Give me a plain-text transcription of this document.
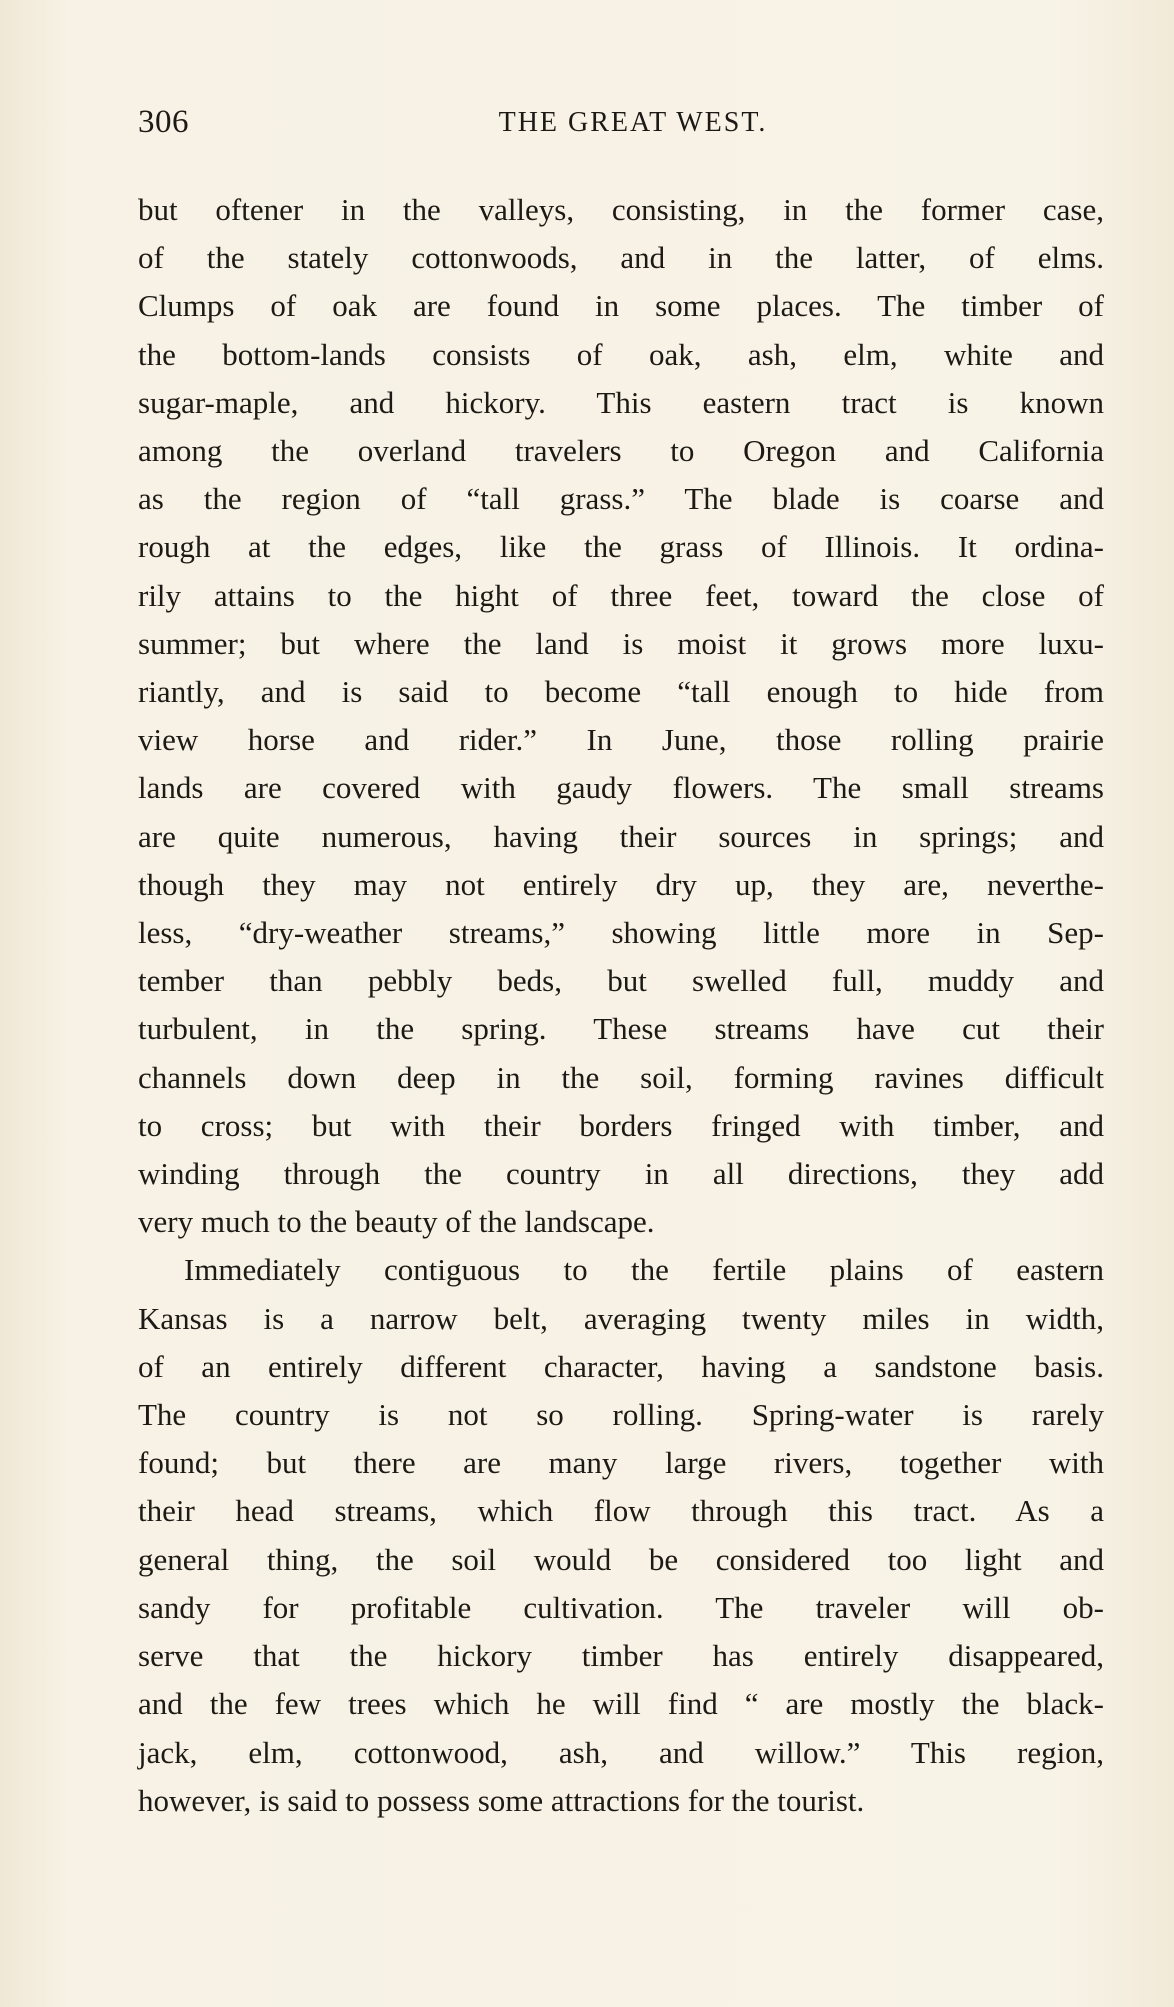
306	THE GREAT WEST.

but oftener in the valleys, consisting, in the former case,
of the stately cottonwoods, and in the latter, of elms.
Clumps of oak are found in some places. The timber of
the bottom-lands consists of oak, ash, elm, white and
sugar-maple, and hickory. This eastern tract is known
among the overland travelers to Oregon and California
as the region of “tall grass.” The blade is coarse and
rough at the edges, like the grass of Illinois. It ordina-
rily attains to the hight of three feet, toward the close of
summer; but where the land is moist it grows more luxu-
riantly, and is said to become “tall enough to hide from
view horse and rider.” In June, those rolling prairie
lands are covered with gaudy flowers. The small streams
are quite numerous, having their sources in springs; and
though they may not entirely dry up, they are, neverthe-
less, “dry-weather streams,” showing little more in Sep-
tember than pebbly beds, but swelled full, muddy and
turbulent, in the spring. These streams have cut their
channels down deep in the soil, forming ravines difficult
to cross; but with their borders fringed with timber, and
winding through the country in all directions, they add
very much to the beauty of the landscape.

Immediately contiguous to the fertile plains of eastern
Kansas is a narrow belt, averaging twenty miles in width,
of an entirely different character, having a sandstone basis.
The country is not so rolling. Spring-water is rarely
found; but there are many large rivers, together with
their head streams, which flow through this tract. As a
general thing, the soil would be considered too light and
sandy for profitable cultivation. The traveler will ob-
serve that the hickory timber has entirely disappeared,
and the few trees which he will find “ are mostly the black-
jack, elm, cottonwood, ash, and willow.” This region,
however, is said to possess some attractions for the tourist.
